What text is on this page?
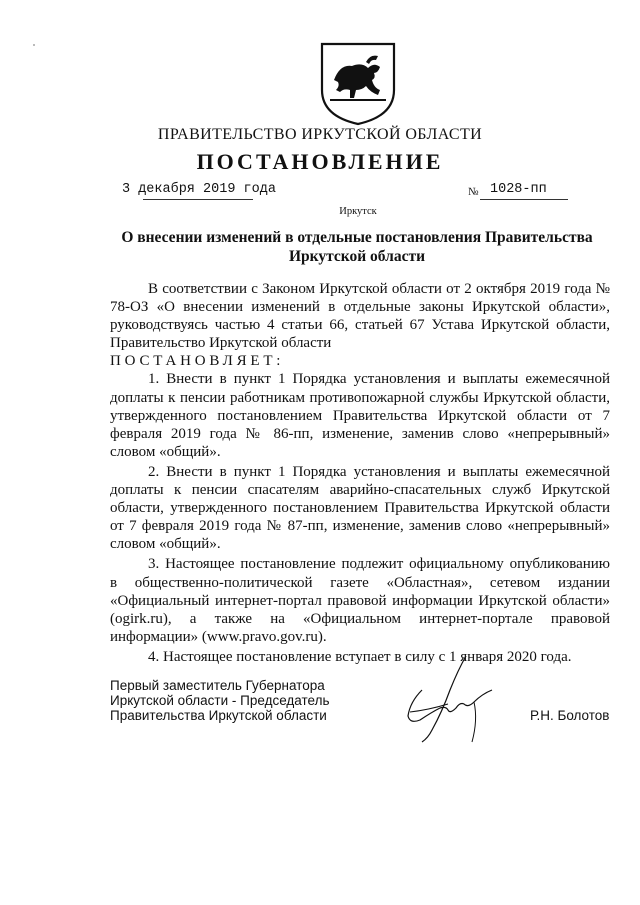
ПРАВИТЕЛЬСТВО ИРКУТСКОЙ ОБЛАСТИ
ПОСТАНОВЛЕНИЕ
3 декабря 2019 года	№ 1028-пп
Иркутск
О внесении изменений в отдельные постановления Правительства
Иркутской области

В соответствии с Законом Иркутской области от 2 октября 2019 года № 78-ОЗ «О внесении изменений в отдельные законы Иркутской области», руководствуясь частью 4 статьи 66, статьей 67 Устава Иркутской области, Правительство Иркутской области

ПОСТАНОВЛЯЕТ:

1. Внести в пункт 1 Порядка установления и выплаты ежемесячной доплаты к пенсии работникам противопожарной службы Иркутской области, утвержденного постановлением Правительства Иркутской области от 7 февраля 2019 года № 86-пп, изменение, заменив слово «непрерывный» словом «общий».

2. Внести в пункт 1 Порядка установления и выплаты ежемесячной доплаты к пенсии спасателям аварийно-спасательных служб Иркутской области, утвержденного постановлением Правительства Иркутской области от 7 февраля 2019 года № 87-пп, изменение, заменив слово «непрерывный» словом «общий».

3. Настоящее постановление подлежит официальному опубликованию в общественно-политической газете «Областная», сетевом издании «Официальный интернет-портал правовой информации Иркутской области» (ogirk.ru), а также на «Официальном интернет-портале правовой информации» (www.pravo.gov.ru).

4. Настоящее постановление вступает в силу с 1 января 2020 года.

Первый заместитель Губернатора
Иркутской области - Председатель
Правительства Иркутской области	Р.Н. Болотов
